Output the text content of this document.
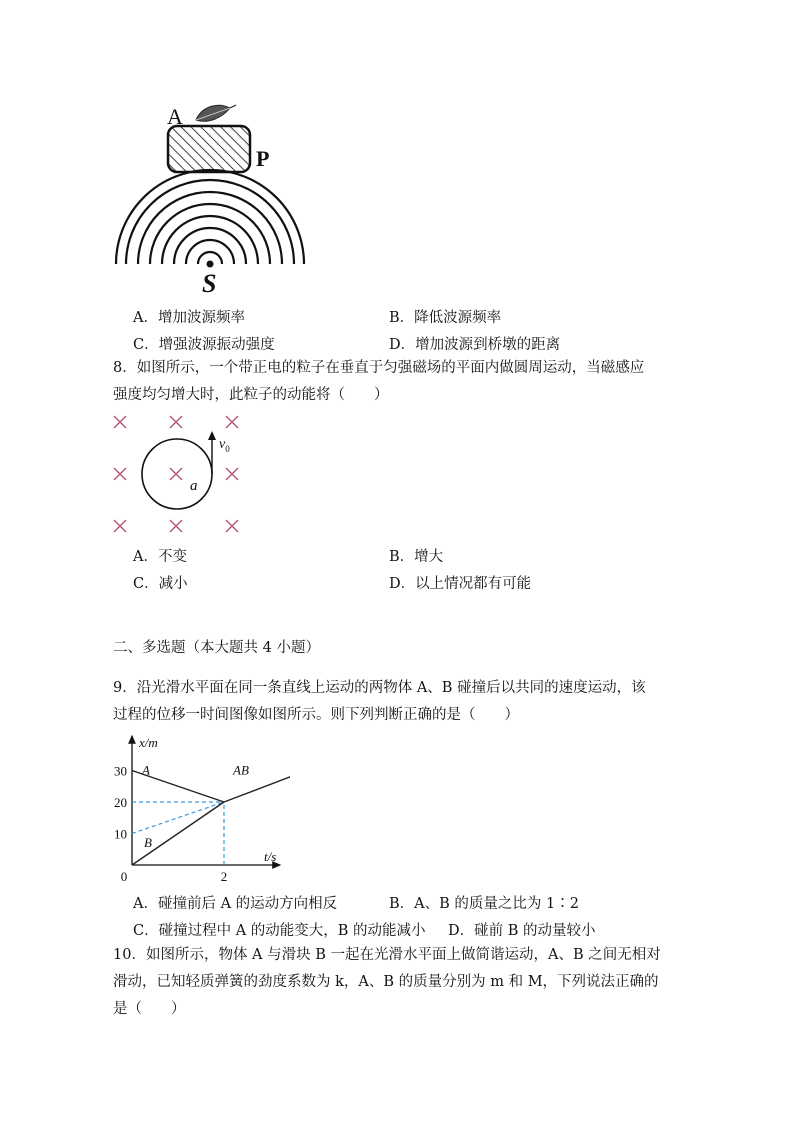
A
P
S
A．增加波源频率	B．降低波源频率
C．增强波源振动强度	D．增加波源到桥墩的距离
8．如图所示，一个带正电的粒子在垂直于匀强磁场的平面内做圆周运动，当磁感应
强度均匀增大时，此粒子的动能将（　　）
$v_0$
a
A．不变	B．增大
C．减小	D．以上情况都有可能
二、多选题（本大题共 4 小题）
9．沿光滑水平面在同一条直线上运动的两物体 A、B 碰撞后以共同的速度运动，该
过程的位移一时间图像如图所示。则下列判断正确的是（　　）
x/m
t/s
A
B
AB
10
20
30
0	2
A．碰撞前后 A 的运动方向相反	B．A、B 的质量之比为 1∶2
C．碰撞过程中 A 的动能变大，B 的动能减小 D．碰前 B 的动量较小
10．如图所示，物体 A 与滑块 B 一起在光滑水平面上做简谐运动，A、B 之间无相对
滑动，已知轻质弹簧的劲度系数为 k，A、B 的质量分别为 m 和 M，下列说法正确的
是（　　）
